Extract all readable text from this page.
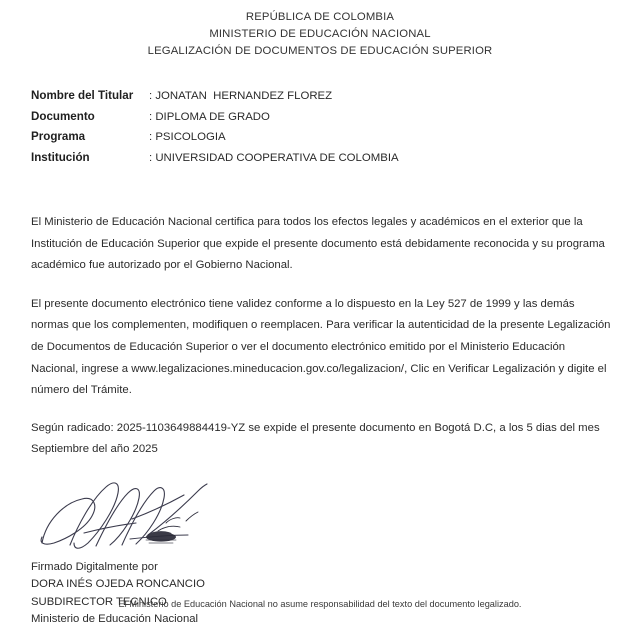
REPÚBLICA DE COLOMBIA
MINISTERIO DE EDUCACIÓN NACIONAL
LEGALIZACIÓN DE DOCUMENTOS DE EDUCACIÓN SUPERIOR
Nombre del Titular	: JONATAN  HERNANDEZ FLOREZ
Documento	: DIPLOMA DE GRADO
Programa	: PSICOLOGIA
Institución	: UNIVERSIDAD COOPERATIVA DE COLOMBIA

El Ministerio de Educación Nacional certifica para todos los efectos legales y académicos en el exterior que la Institución de Educación Superior que expide el presente documento está debidamente reconocida y su programa académico fue autorizado por el Gobierno Nacional.

El presente documento electrónico tiene validez conforme a lo dispuesto en la Ley 527 de 1999 y las demás normas que los complementen, modifiquen o reemplacen. Para verificar la autenticidad de la presente Legalización de Documentos de Educación Superior o ver el documento electrónico emitido por el Ministerio Educación Nacional, ingrese a www.legalizaciones.mineducacion.gov.co/legalizacion/, Clic en Verificar Legalización y digite el número del Trámite.

Según radicado: 2025-1103649884419-YZ se expide el presente documento en Bogotá D.C, a los 5 dias del mes Septiembre del año 2025

Firmado Digitalmente por
DORA INÉS OJEDA RONCANCIO
SUBDIRECTOR TECNICO
Ministerio de Educación Nacional
El Ministerio de Educación Nacional no asume responsabilidad del texto del documento legalizado.
